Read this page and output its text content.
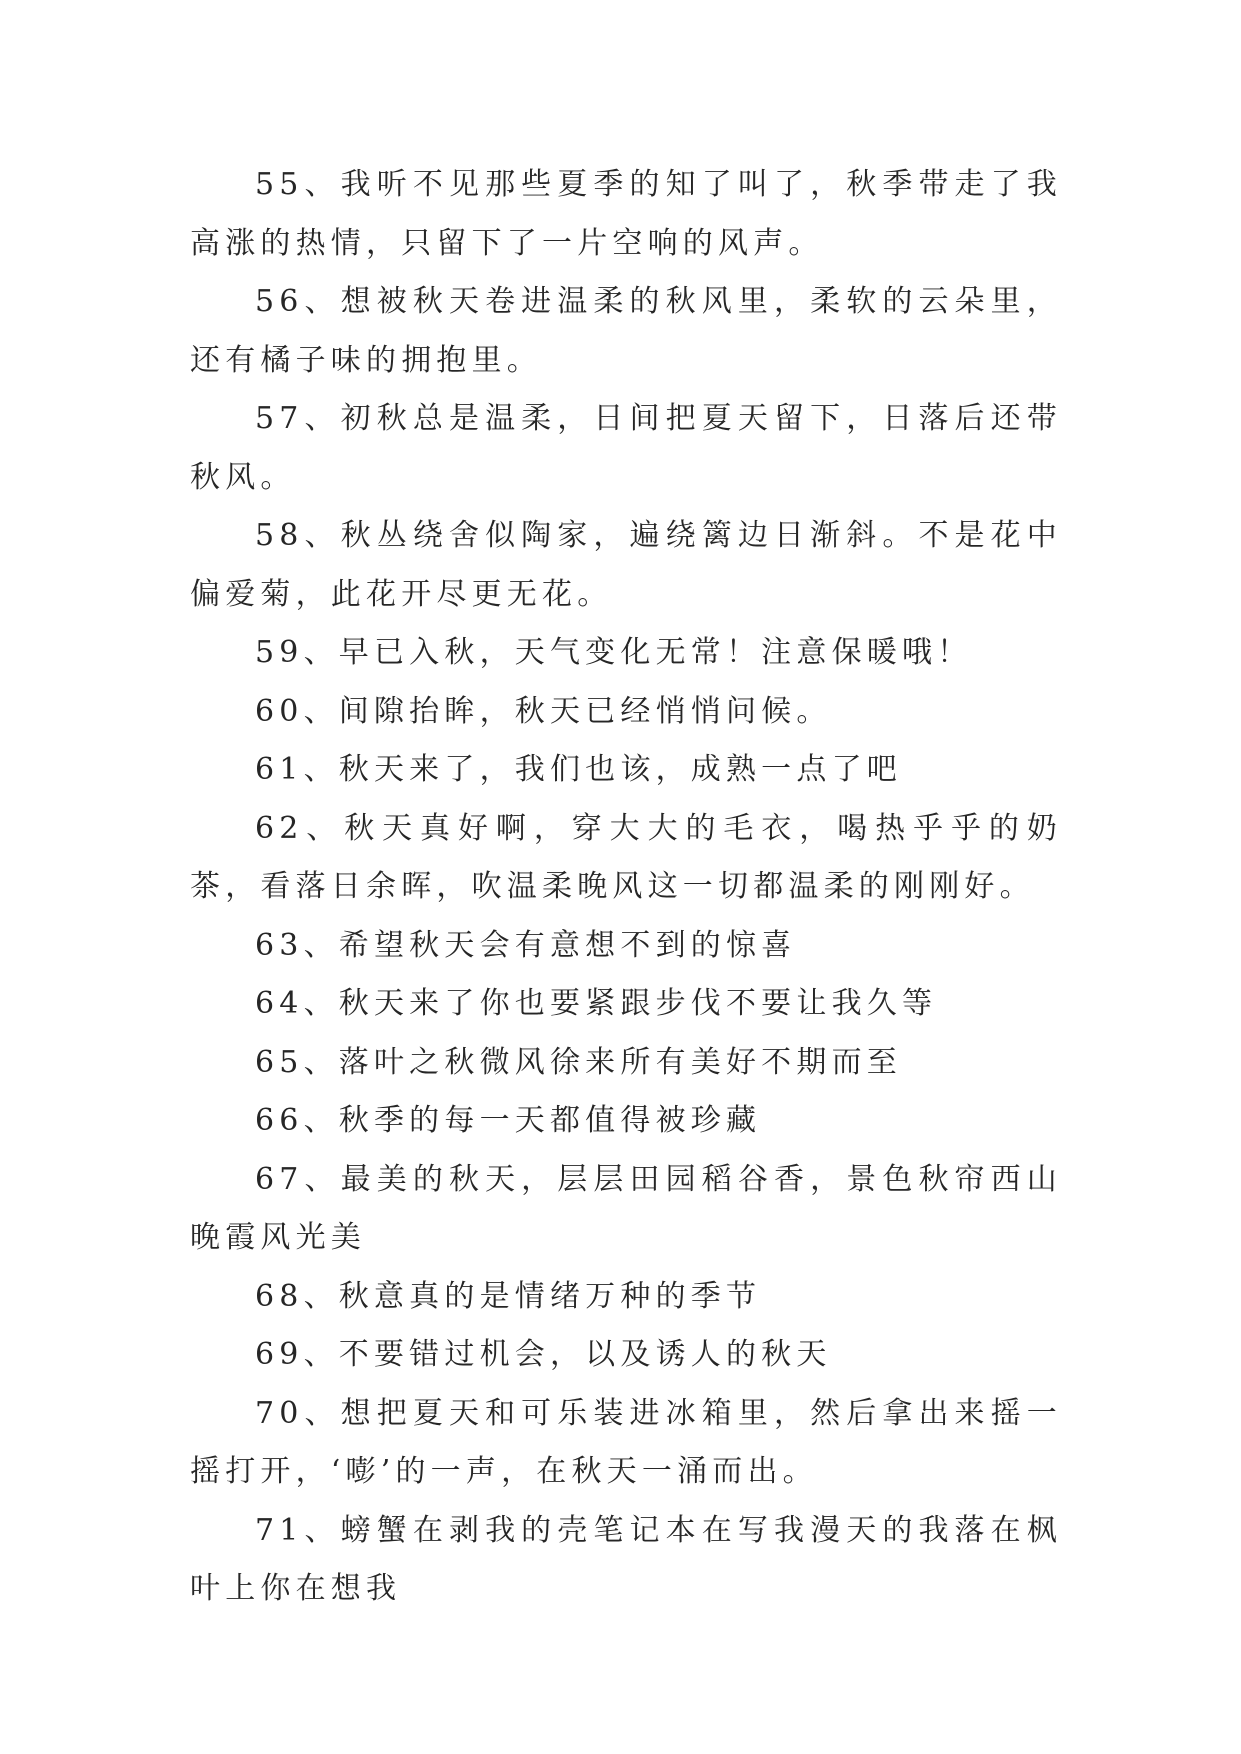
55、我听不见那些夏季的知了叫了，秋季带走了我高涨的热情，只留下了一片空响的风声。

56、想被秋天卷进温柔的秋风里，柔软的云朵里，还有橘子味的拥抱里。

57、初秋总是温柔，日间把夏天留下，日落后还带秋风。

58、秋丛绕舍似陶家，遍绕篱边日渐斜。不是花中偏爱菊，此花开尽更无花。

59、早已入秋，天气变化无常！注意保暖哦！

60、间隙抬眸，秋天已经悄悄问候。

61、秋天来了，我们也该，成熟一点了吧

62、秋天真好啊，穿大大的毛衣，喝热乎乎的奶茶，看落日余晖，吹温柔晚风这一切都温柔的刚刚好。

63、希望秋天会有意想不到的惊喜

64、秋天来了你也要紧跟步伐不要让我久等

65、落叶之秋微风徐来所有美好不期而至

66、秋季的每一天都值得被珍藏

67、最美的秋天，层层田园稻谷香，景色秋帘西山晚霞风光美

68、秋意真的是情绪万种的季节

69、不要错过机会，以及诱人的秋天

70、想把夏天和可乐装进冰箱里，然后拿出来摇一摇打开，‘嘭’的一声，在秋天一涌而出。

71、螃蟹在剥我的壳笔记本在写我漫天的我落在枫叶上你在想我
